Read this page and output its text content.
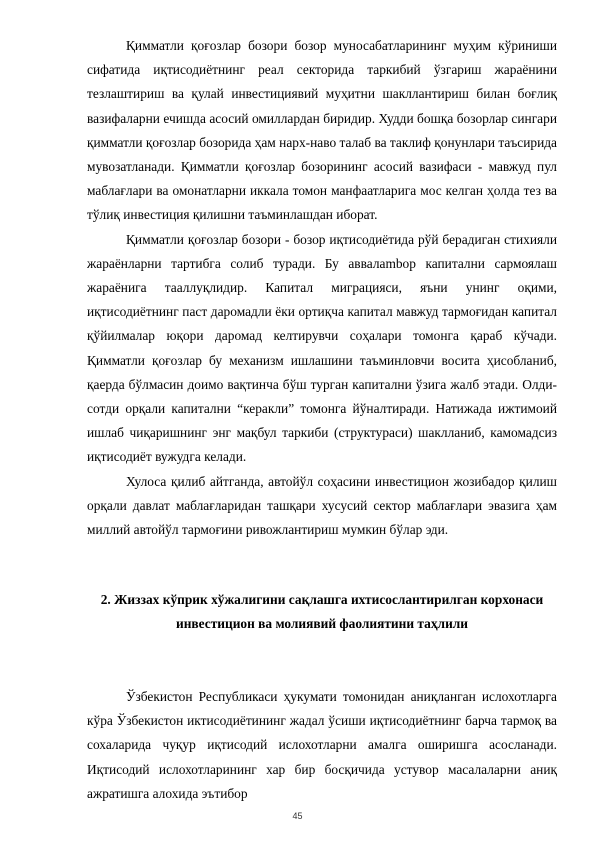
Қимматли қоғозлар бозори бозор муносабатларининг муҳим кўриниши сифатида иқтисодиётнинг реал секторида таркибий ўзгариш жараёнини тезлаштириш ва қулай инвестициявий муҳитни шакллантириш билан боғлиқ вазифаларни ечишда асосий омиллардан биридир. Худди бошқа бозорлар сингари қимматли қоғозлар бозорида ҳам нарх-наво талаб ва таклиф қонунлари таъсирида мувозатланади. Қимматли қоғозлар бозорининг асосий вазифаси - мавжуд пул маблағлари ва омонатларни иккала томон манфаатларига мос келган ҳолда тез ва тўлиқ инвестиция қилишни таъминлашдан иборат.

Қимматли қоғозлар бозори - бозор иқтисодиётида рўй берадиган стихияли жараёнларни тартибга солиб туради. Бу аввалambор капитални сармоялаш жараёнига тааллуқлидир. Капитал миграцияси, яъни унинг оқими, иқтисодиётнинг паст даромадли ёки ортиқча капитал мавжуд тармоғидан капитал қўйилмалар юқори даромад келтирувчи соҳалари томонга қараб кўчади. Қимматли қоғозлар бу механизм ишлашини таъминловчи восита ҳисобланиб, қаерда бўлмасин доимо вақтинча бўш турган капитални ўзига жалб этади. Олди-сотди орқали капитални “керакли” томонга йўналтиради. Натижада ижтимоий ишлаб чиқаришнинг энг мақбул таркиби (структураси) шаклланиб, камомадсиз иқтисодиёт вужудга келади.

Хулоса қилиб айтганда, автойўл соҳасини инвестицион жозибадор қилиш орқали давлат маблағларидан ташқари хусусий сектор маблағлари эвазига ҳам миллий автойўл тармоғини ривожлантириш мумкин бўлар эди.

2. Жиззах кўприк хўжалигини сақлашга ихтисослантирилган корхонаси
инвестицион ва молиявий фаолиятини таҳлили

Ўзбекистон Республикаси ҳукумати томонидан аниқланган ислохотларга кўра Ўзбекистон иктисодиётининг жадал ўсиши иқтисодиётнинг барча тармоқ ва сохаларида чуқур иқтисодий ислохотларни амалга оширишга асосланади. Иқтисодий ислохотларининг хар бир босқичида устувор масалаларни аниқ ажратишга алохида эътибор

45
